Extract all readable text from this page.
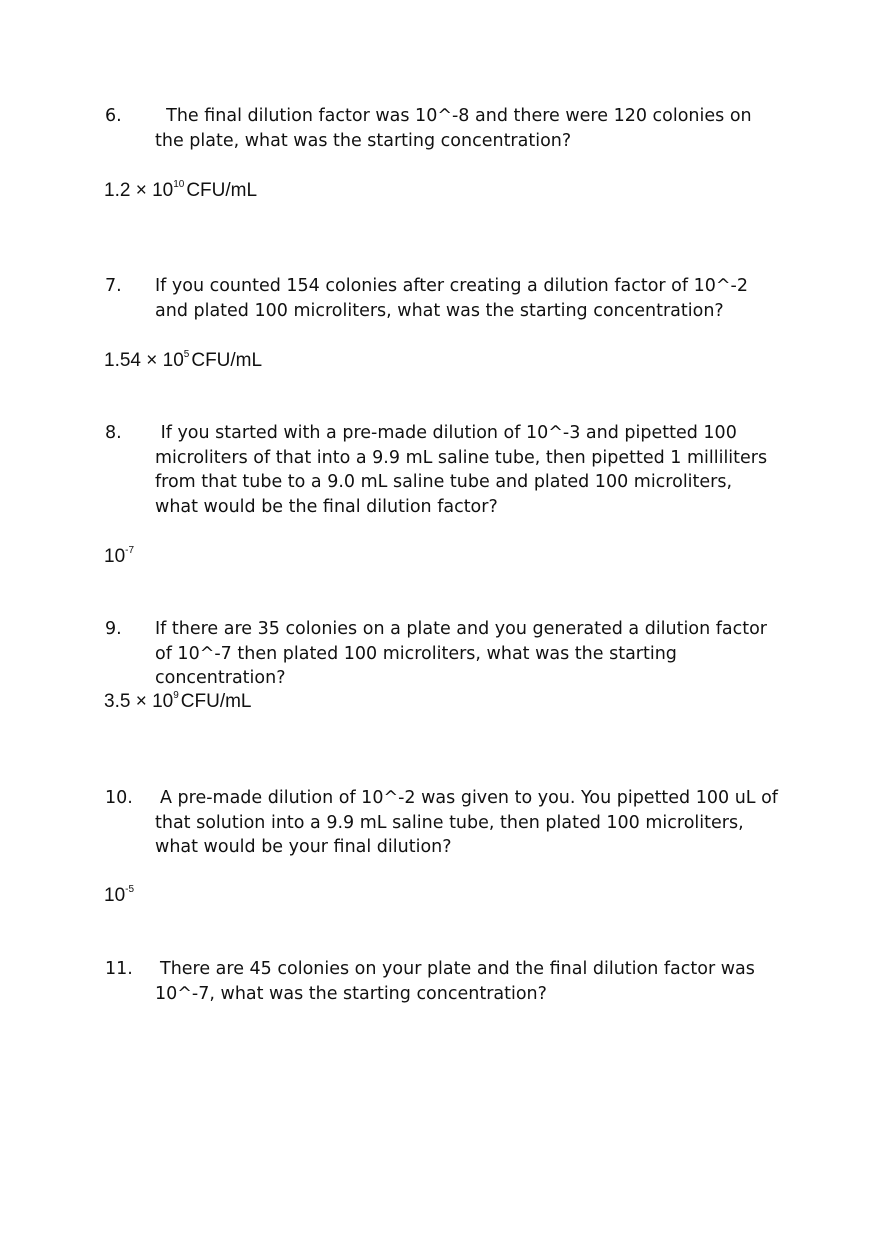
6.  The final dilution factor was 10^-8 and there were 120 colonies on the plate, what was the starting concentration?
$1.2 \times 10^{10}$ CFU/mL
7. If you counted 154 colonies after creating a dilution factor of 10^-2 and plated 100 microliters, what was the starting concentration?
$1.54 \times 10^5$ CFU/mL
8. If you started with a pre-made dilution of 10^-3 and pipetted 100 microliters of that into a 9.9 mL saline tube, then pipetted 1 milliliters from that tube to a 9.0 mL saline tube and plated 100 microliters, what would be the final dilution factor?
$10^{-7}$
9. If there are 35 colonies on a plate and you generated a dilution factor of 10^-7 then plated 100 microliters, what was the starting concentration?
$3.5 \times 10^9$ CFU/mL
10. A pre-made dilution of 10^-2 was given to you. You pipetted 100 uL of that solution into a 9.9 mL saline tube, then plated 100 microliters, what would be your final dilution?
$10^{-5}$
11. There are 45 colonies on your plate and the final dilution factor was 10^-7, what was the starting concentration?
